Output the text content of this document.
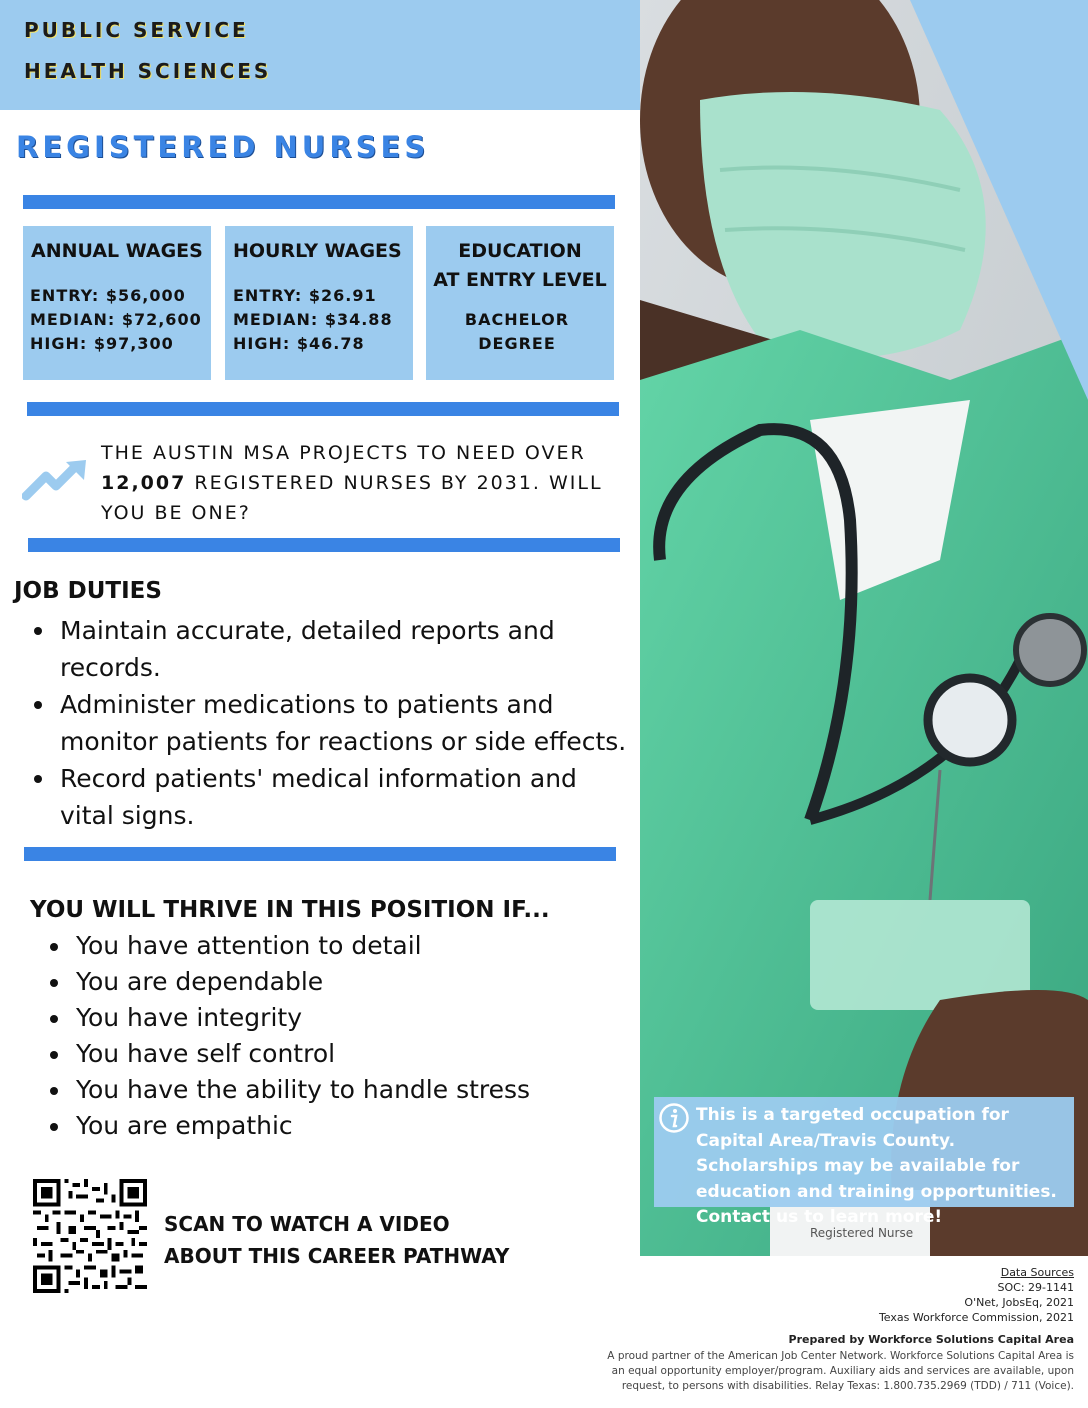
PUBLIC SERVICE
HEALTH SCIENCES
Registered Nurse
REGISTERED NURSES
ANNUAL WAGES
ENTRY: $56,000
MEDIAN: $72,600
HIGH: $97,300
HOURLY WAGES
ENTRY: $26.91
MEDIAN: $34.88
HIGH: $46.78
EDUCATION
AT ENTRY LEVEL
BACHELOR
DEGREE
THE AUSTIN MSA PROJECTS TO NEED OVER 12,007 REGISTERED NURSES BY 2031. WILL YOU BE ONE?
JOB DUTIES
Maintain accurate, detailed reports and records.
Administer medications to patients and monitor patients for reactions or side effects.
Record patients' medical information and vital signs.
YOU WILL THRIVE IN THIS POSITION IF...
You have attention to detail
You are dependable
You have integrity
You have self control
You have the ability to handle stress
You are empathic
SCAN TO WATCH A VIDEO
ABOUT THIS CAREER PATHWAY
This is a targeted occupation for Capital Area/Travis County. Scholarships may be available for education and training opportunities. Contact us to learn more!
Data Sources
SOC: 29-1141
O'Net, JobsEq, 2021
Texas Workforce Commission, 2021
Prepared by Workforce Solutions Capital Area
A proud partner of the American Job Center Network. Workforce Solutions Capital Area is an equal opportunity employer/program. Auxiliary aids and services are available, upon request, to persons with disabilities. Relay Texas: 1.800.735.2969 (TDD) / 711 (Voice).
